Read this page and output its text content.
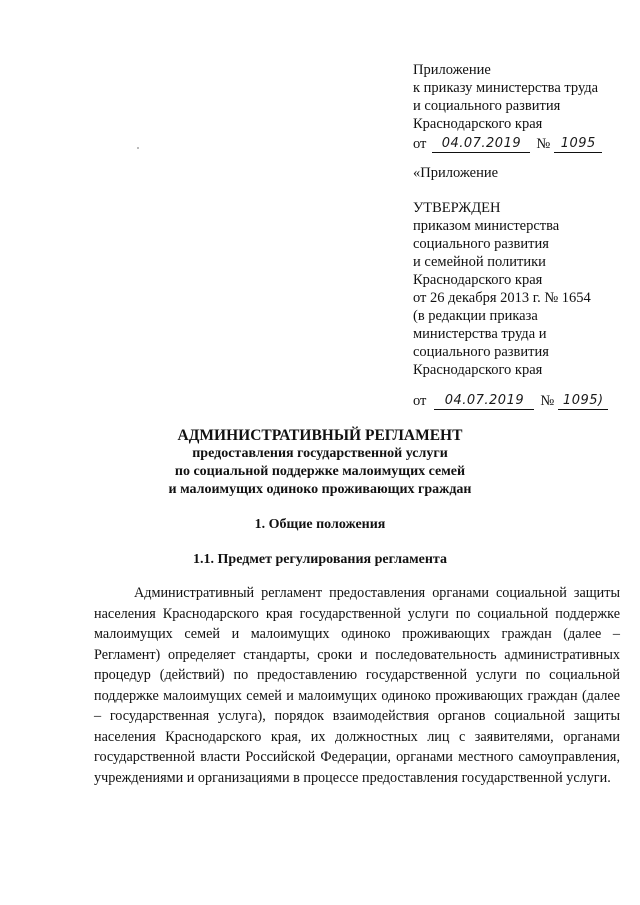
Приложение
к приказу министерства труда
и социального развития
Краснодарского края
от	04.07.2019	№ 1095
«Приложение
УТВЕРЖДЕН
приказом министерства
социального развития
и семейной политики
Краснодарского края
от 26 декабря 2013 г. № 1654
(в редакции приказа
министерства труда и
социального развития
Краснодарского края
от	04.07.2019	№ 1095)
АДМИНИСТРАТИВНЫЙ РЕГЛАМЕНТ
предоставления государственной услуги
по социальной поддержке малоимущих семей
и малоимущих одиноко проживающих граждан
1. Общие положения
1.1. Предмет регулирования регламента
Административный регламент предоставления органами социальной защиты населения Краснодарского края государственной услуги по социальной поддержке малоимущих семей и малоимущих одиноко проживающих граждан (далее – Регламент) определяет стандарты, сроки и последовательность административных процедур (действий) по предоставлению государственной услуги по социальной поддержке малоимущих семей и малоимущих одиноко проживающих граждан (далее – государственная услуга), порядок взаимодействия органов социальной защиты населения Краснодарского края, их должностных лиц с заявителями, органами государственной власти Российской Федерации, органами местного самоуправления, учреждениями и организациями в процессе предоставления государственной услуги.
